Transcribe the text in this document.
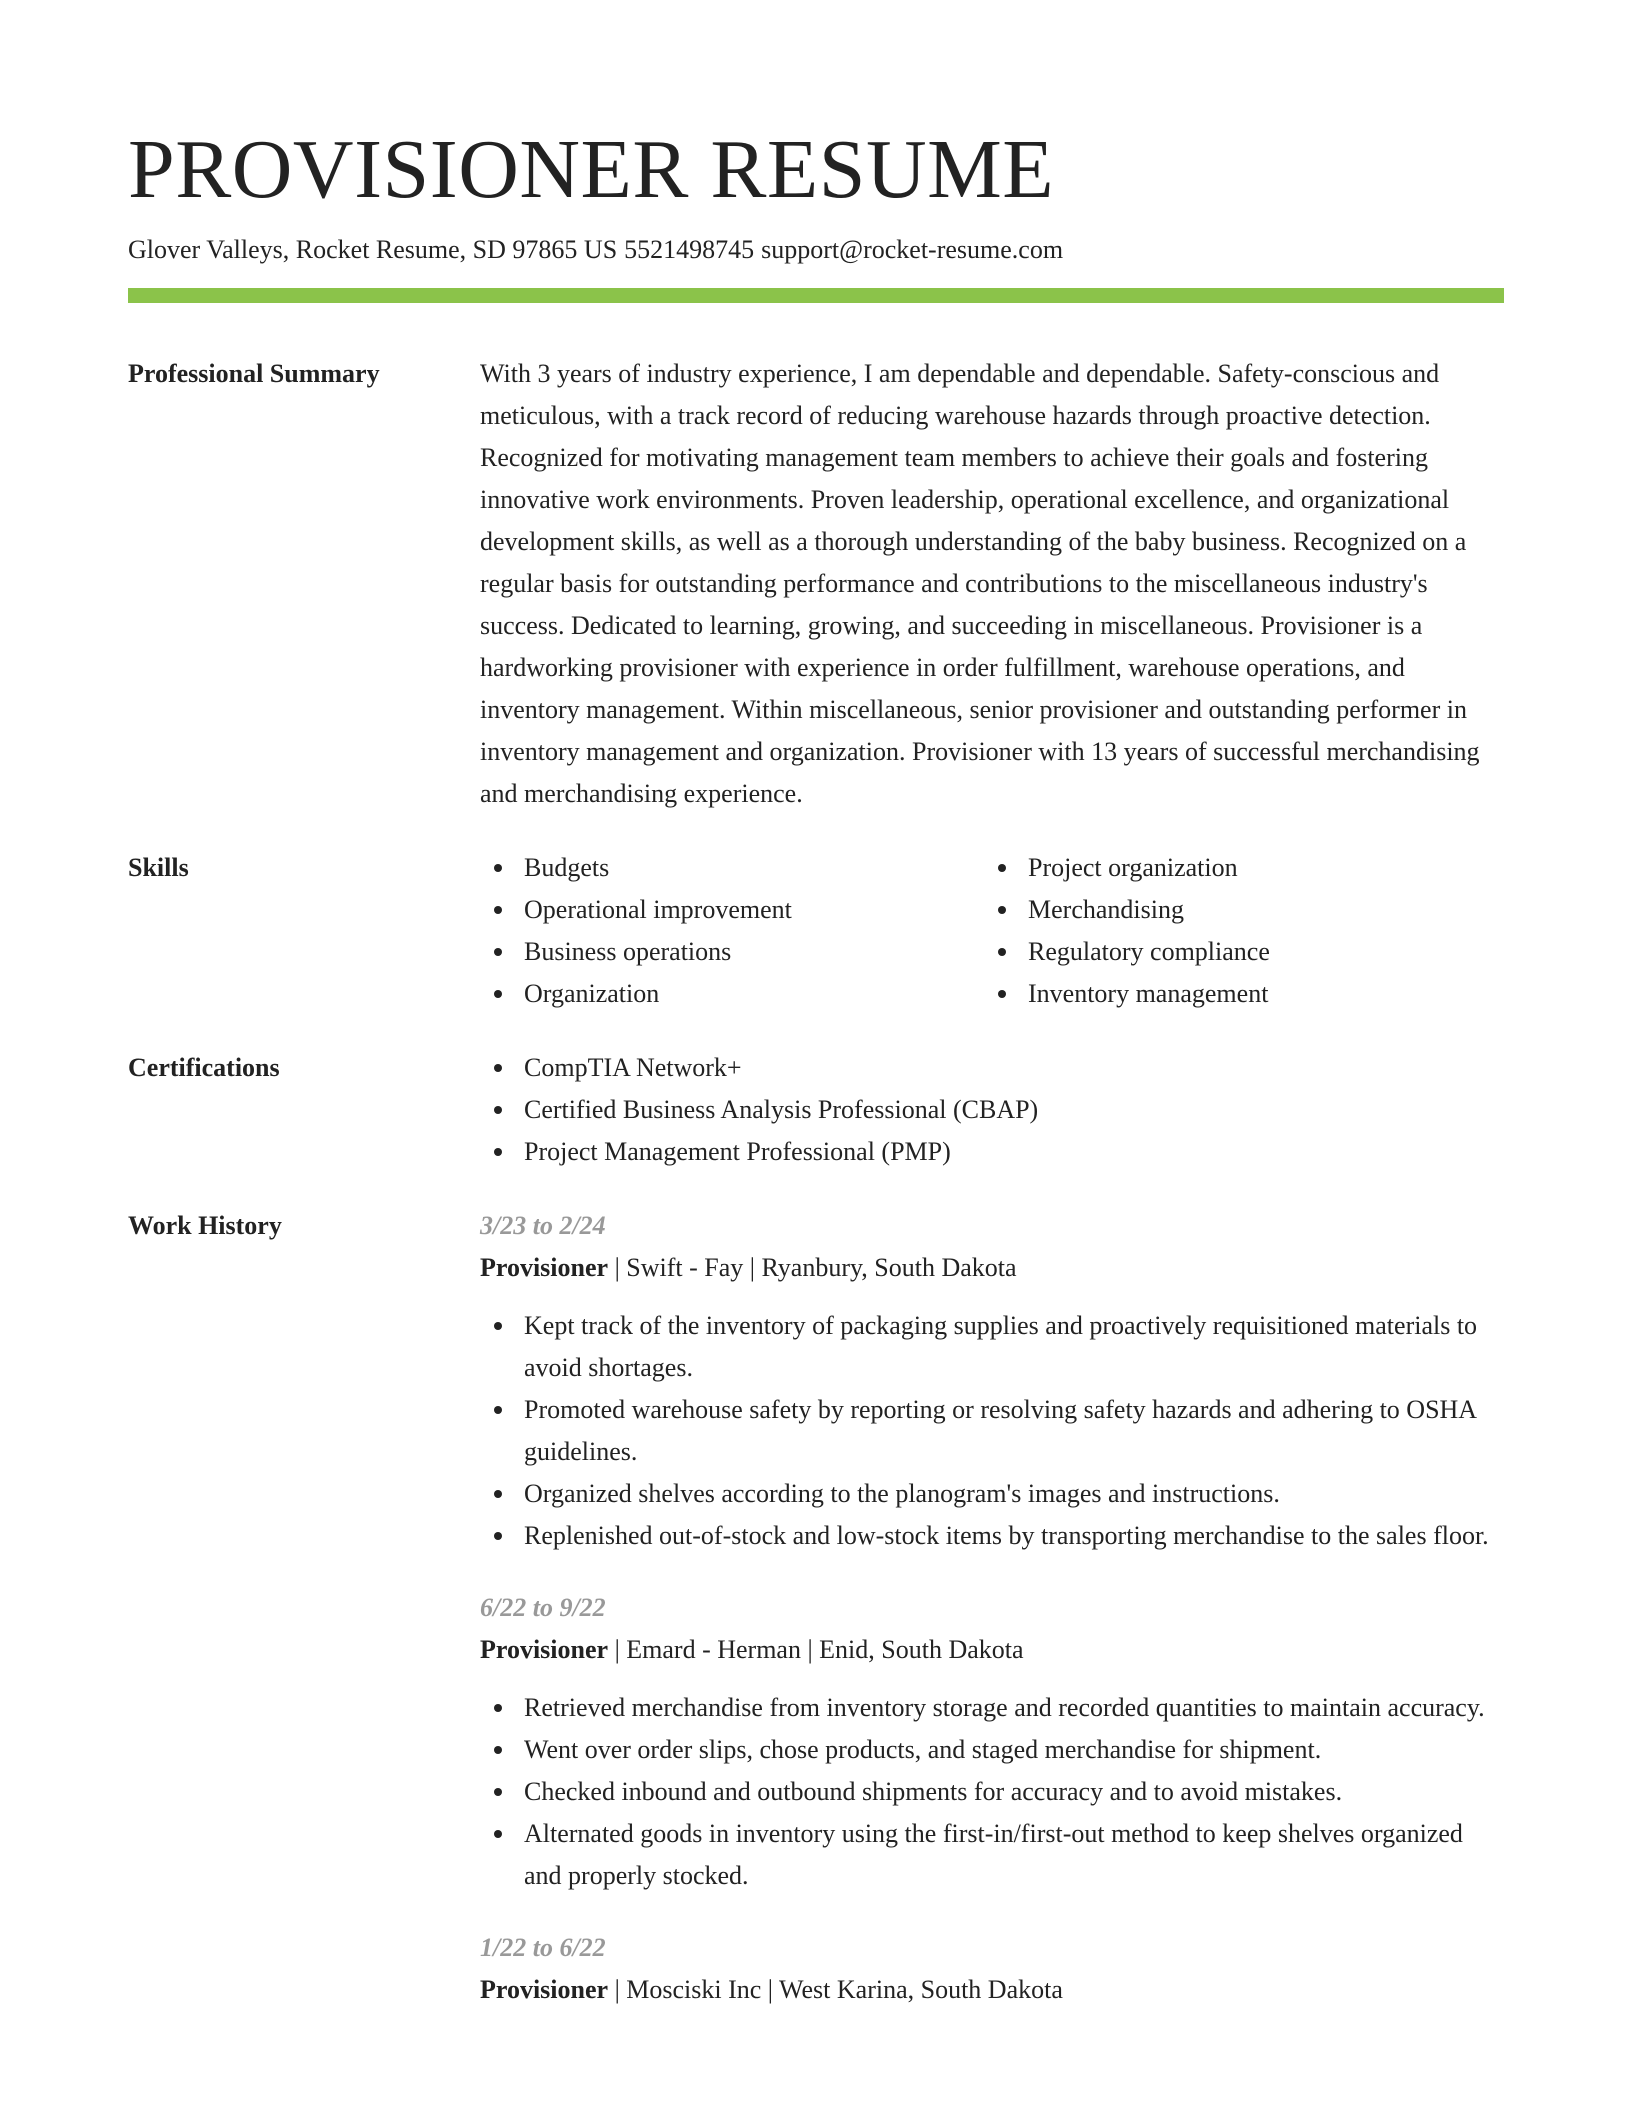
PROVISIONER RESUME
Glover Valleys, Rocket Resume, SD 97865 US 5521498745 support@rocket-resume.com
Professional Summary	With 3 years of industry experience, I am dependable and dependable. Safety-conscious and meticulous, with a track record of reducing warehouse hazards through proactive detection. Recognized for motivating management team members to achieve their goals and fostering innovative work environments. Proven leadership, operational excellence, and organizational development skills, as well as a thorough understanding of the baby business. Recognized on a regular basis for outstanding performance and contributions to the miscellaneous industry's success. Dedicated to learning, growing, and succeeding in miscellaneous. Provisioner is a hardworking provisioner with experience in order fulfillment, warehouse operations, and inventory management. Within miscellaneous, senior provisioner and outstanding performer in inventory management and organization. Provisioner with 13 years of successful merchandising and merchandising experience.
Skills	Budgets
Operational improvement
Business operations
Organization
Project organization
Merchandising
Regulatory compliance
Inventory management
Certifications	CompTIA Network+
Certified Business Analysis Professional (CBAP)
Project Management Professional (PMP)
Work History	3/23 to 2/24
Provisioner | Swift - Fay | Ryanbury, South Dakota
Kept track of the inventory of packaging supplies and proactively requisitioned materials to avoid shortages.
Promoted warehouse safety by reporting or resolving safety hazards and adhering to OSHA guidelines.
Organized shelves according to the planogram's images and instructions.
Replenished out-of-stock and low-stock items by transporting merchandise to the sales floor.
6/22 to 9/22
Provisioner | Emard - Herman | Enid, South Dakota
Retrieved merchandise from inventory storage and recorded quantities to maintain accuracy.
Went over order slips, chose products, and staged merchandise for shipment.
Checked inbound and outbound shipments for accuracy and to avoid mistakes.
Alternated goods in inventory using the first-in/first-out method to keep shelves organized and properly stocked.
1/22 to 6/22
Provisioner | Mosciski Inc | West Karina, South Dakota
